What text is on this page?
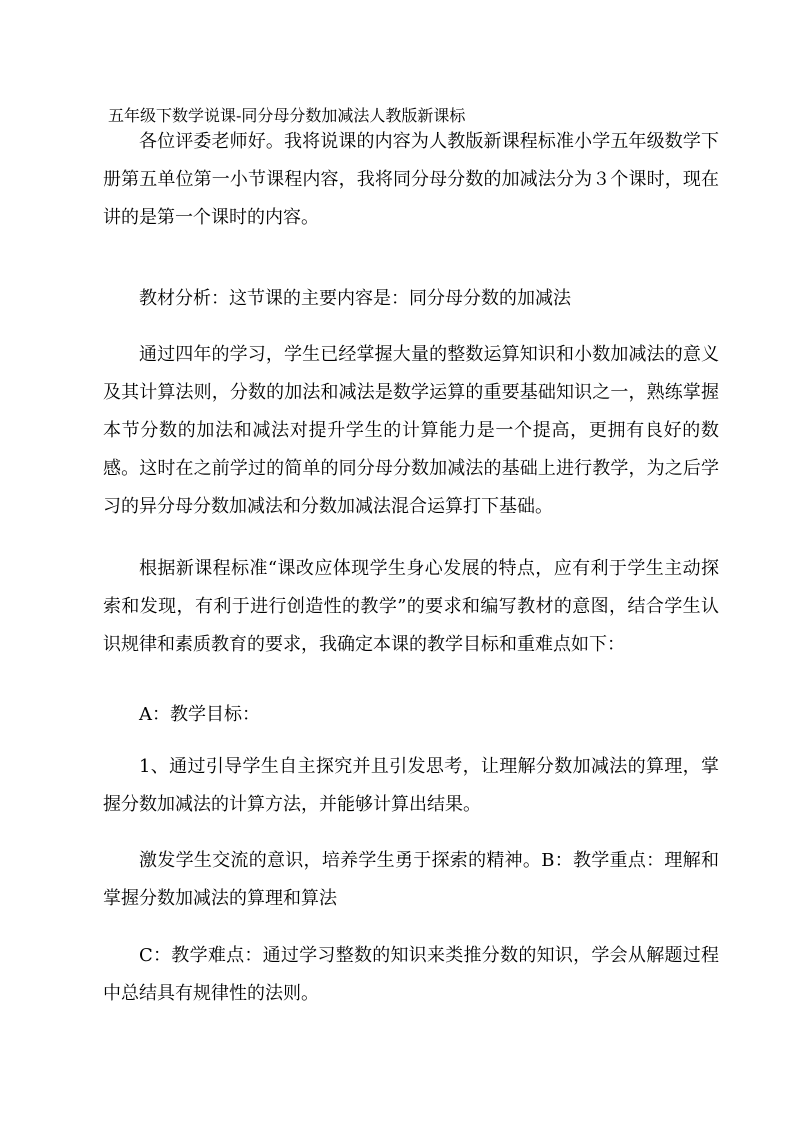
五年级下数学说课-同分母分数加减法人教版新课标

各位评委老师好。我将说课的内容为人教版新课程标准小学五年级数学下册第五单位第一小节课程内容，我将同分母分数的加减法分为３个课时，现在讲的是第一个课时的内容。

教材分析：这节课的主要内容是：同分母分数的加减法

通过四年的学习，学生已经掌握大量的整数运算知识和小数加减法的意义及其计算法则，分数的加法和减法是数学运算的重要基础知识之一，熟练掌握本节分数的加法和减法对提升学生的计算能力是一个提高，更拥有良好的数感。这时在之前学过的简单的同分母分数加减法的基础上进行教学，为之后学习的异分母分数加减法和分数加减法混合运算打下基础。

根据新课程标准“课改应体现学生身心发展的特点，应有利于学生主动探索和发现，有利于进行创造性的教学”的要求和编写教材的意图，结合学生认识规律和素质教育的要求，我确定本课的教学目标和重难点如下：

A：教学目标：

1、通过引导学生自主探究并且引发思考，让理解分数加减法的算理，掌握分数加减法的计算方法，并能够计算出结果。

激发学生交流的意识，培养学生勇于探索的精神。B：教学重点：理解和掌握分数加减法的算理和算法

C：教学难点：通过学习整数的知识来类推分数的知识，学会从解题过程中总结具有规律性的法则。
